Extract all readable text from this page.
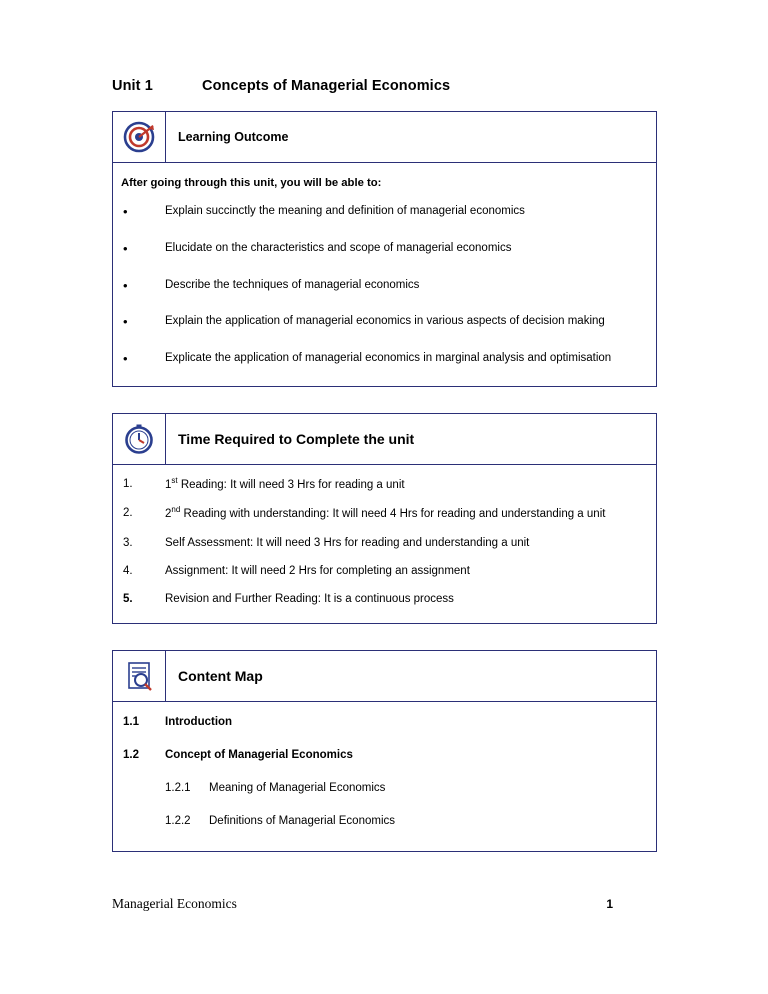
Unit 1	Concepts of Managerial Economics
Learning Outcome
After going through this unit, you will be able to:
•	Explain succinctly the meaning and definition of managerial economics
•	Elucidate on the characteristics and scope of managerial economics
•	Describe the techniques of managerial economics
•	Explain the application of managerial economics in various aspects of decision making
•	Explicate the application of managerial economics in marginal analysis and optimisation
Time Required to Complete the unit
1.	1st Reading: It will need 3 Hrs for reading a unit
2.	2nd Reading with understanding: It will need 4 Hrs for reading and understanding a unit
3.	Self Assessment: It will need 3 Hrs for reading and understanding a unit
4.	Assignment: It will need 2 Hrs for completing an assignment
5.	Revision and Further Reading: It is a continuous process
Content Map
1.1 Introduction
1.2 Concept of Managerial Economics
1.2.1 Meaning of Managerial Economics
1.2.2 Definitions of Managerial Economics
Managerial Economics	1
